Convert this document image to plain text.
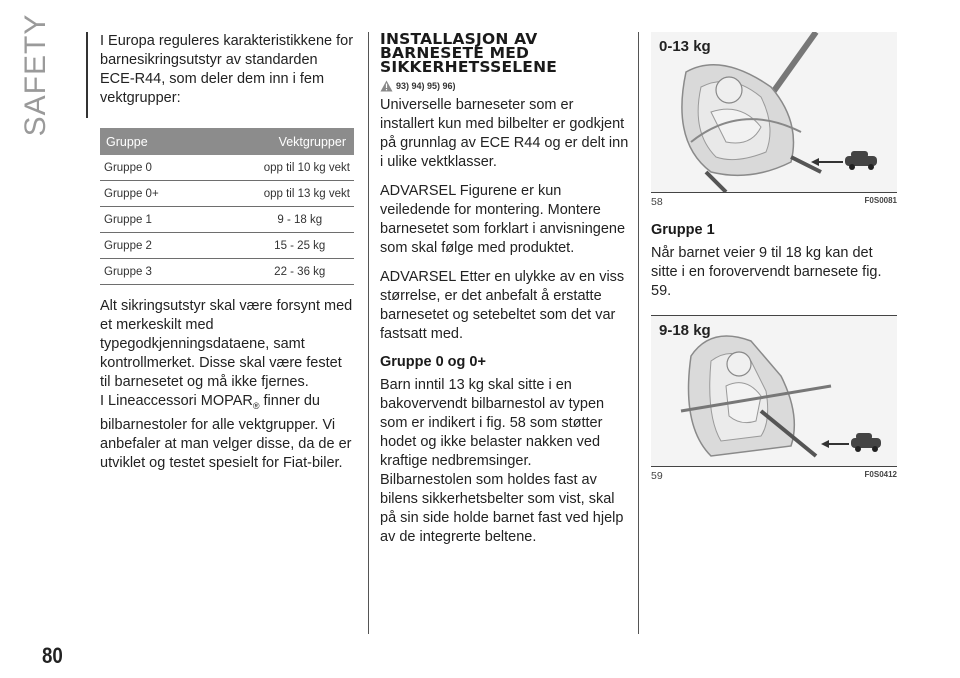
SAFETY
80

I Europa reguleres karakteristikkene for barnesikringsutstyr av standarden ECE-R44, som deler dem inn i fem vektgrupper:

Gruppe	Vektgrupper
Gruppe 0	opp til 10 kg vekt
Gruppe 0+	opp til 13 kg vekt
Gruppe 1	9 - 18 kg
Gruppe 2	15 - 25 kg
Gruppe 3	22 - 36 kg

Alt sikringsutstyr skal være forsynt med et merkeskilt med typegodkjenningsdataene, samt kontrollmerket. Disse skal være festet til barnesetet og må ikke fjernes.

I Lineaccessori $MOPAR_®$ finner du bilbarnestoler for alle vektgrupper. Vi anbefaler at man velger disse, da de er utviklet og testet spesielt for Fiat-biler.

INSTALLASJON AV
BARNESETE MED
SIKKERHETSSELENE
93) 94) 95) 96)

Universelle barneseter som er installert kun med bilbelter er godkjent på grunnlag av ECE R44 og er delt inn i ulike vektklasser.

ADVARSEL Figurene er kun veiledende for montering. Montere barnesetet som forklart i anvisningene som skal følge med produktet.

ADVARSEL Etter en ulykke av en viss størrelse, er det anbefalt å erstatte barnesetet og setebeltet som det var fastsatt med.

Gruppe 0 og 0+

Barn inntil 13 kg skal sitte i en bakovervendt bilbarnestol av typen som er indikert i fig. 58 som støtter hodet og ikke belaster nakken ved kraftige nedbremsinger.

Bilbarnestolen som holdes fast av bilens sikkerhetsbelter som vist, skal på sin side holde barnet fast ved hjelp av de integrerte beltene.

0-13 kg
58	F0S0081
Gruppe 1

Når barnet veier 9 til 18 kg kan det sitte i en forovervendt barnesete fig. 59.

9-18 kg
59	F0S0412
